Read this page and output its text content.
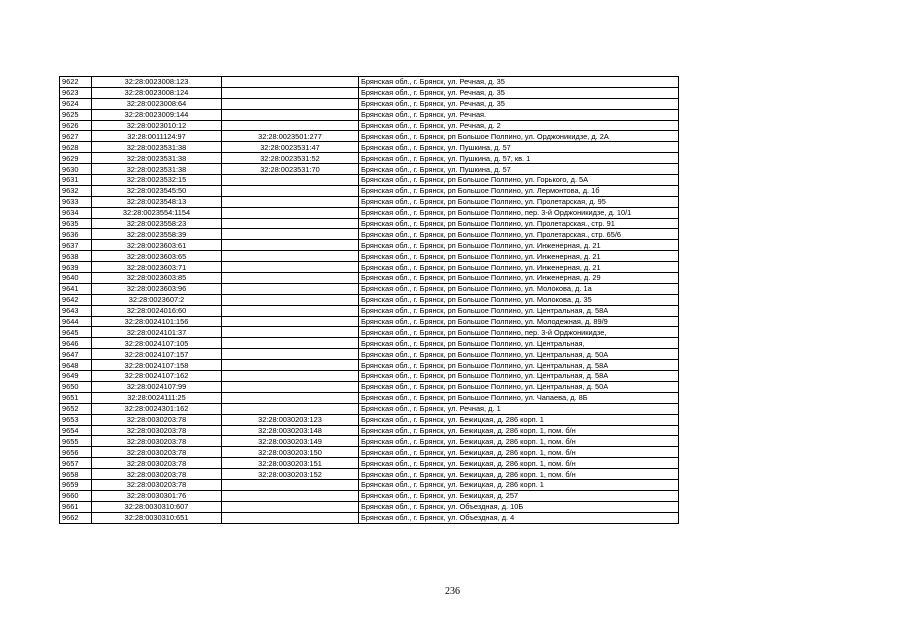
9622	32:28:0023008:123		Брянская обл., г. Брянск, ул. Речная, д. 35
9623	32:28:0023008:124		Брянская обл., г. Брянск, ул. Речная, д. 35
9624	32:28:0023008:64		Брянская обл., г. Брянск, ул. Речная, д. 35
9625	32:28:0023009:144		Брянская обл., г. Брянск, ул. Речная.
9626	32:28:0023010:12		Брянская обл., г. Брянск, ул. Речная, д. 2
9627	32:28:0011124:97	32:28:0023501:277	Брянская обл., г. Брянск, рп Большое Полпино, ул. Орджоникидзе, д. 2А
9628	32:28:0023531:38	32:28:0023531:47	Брянская обл., г. Брянск, ул. Пушкина, д. 57
9629	32:28:0023531:38	32:28:0023531:52	Брянская обл., г. Брянск, ул. Пушкина, д. 57, кв. 1
9630	32:28:0023531:38	32:28:0023531:70	Брянская обл., г. Брянск, ул. Пушкина, д. 57
9631	32:28:0023532:15		Брянская обл., г. Брянск, рп Большое Полпино, ул. Горького, д. 5А
9632	32:28:0023545:50		Брянская обл., г. Брянск, рп Большое Полпино, ул. Лермонтова, д. 1б
9633	32:28:0023548:13		Брянская обл., г. Брянск, рп Большое Полпино, ул. Пролетарская, д. 95
9634	32:28:0023554:1154		Брянская обл., г. Брянск, рп Большое Полпино, пер. 3-й Орджоникидзе, д. 10/1
9635	32:28:0023558:23		Брянская обл., г. Брянск, рп Большое Полпино, ул. Пролетарская., стр. 91
9636	32:28:0023558:39		Брянская обл., г. Брянск, рп Большое Полпино, ул. Пролетарская., стр. 65/6
9637	32:28:0023603:61		Брянская обл., г. Брянск, рп Большое Полпино, ул. Инженерная, д. 21
9638	32:28:0023603:65		Брянская обл., г. Брянск, рп Большое Полпино, ул. Инженерная, д. 21
9639	32:28:0023603:71		Брянская обл., г. Брянск, рп Большое Полпино, ул. Инженерная, д. 21
9640	32:28:0023603:85		Брянская обл., г. Брянск, рп Большое Полпино, ул. Инженерная, д. 29
9641	32:28:0023603:96		Брянская обл., г. Брянск, рп Большое Полпино, ул. Молокова, д. 1а
9642	32:28:0023607:2		Брянская обл., г. Брянск, рп Большое Полпино, ул. Молокова, д. 35
9643	32:28:0024016:60		Брянская обл., г. Брянск, рп Большое Полпино, ул. Центральная, д. 58А
9644	32:28:0024101:156		Брянская обл., г. Брянск, рп Большое Полпино, ул. Молодежная, д. 89/9
9645	32:28:0024101:37		Брянская обл., г. Брянск, рп Большое Полпино, пер. 3-й Орджоникидзе,
9646	32:28:0024107:105		Брянская обл., г. Брянск, рп Большое Полпино, ул. Центральная,
9647	32:28:0024107:157		Брянская обл., г. Брянск, рп Большое Полпино, ул. Центральная, д. 50А
9648	32:28:0024107:158		Брянская обл., г. Брянск, рп Большое Полпино, ул. Центральная, д. 58А
9649	32:28:0024107:162		Брянская обл., г. Брянск, рп Большое Полпино, ул. Центральная, д. 58А
9650	32:28:0024107:99		Брянская обл., г. Брянск, рп Большое Полпино, ул. Центральная, д. 50А
9651	32:28:0024111:25		Брянская обл., г. Брянск, рп Большое Полпино, ул. Чапаева, д. 8Б
9652	32:28:0024301:162		Брянская обл., г. Брянск, ул. Речная, д. 1
9653	32:28:0030203:78	32:28:0030203:123	Брянская обл., г. Брянск, ул. Бежицкая, д. 286 корп. 1
9654	32:28:0030203:78	32:28:0030203:148	Брянская обл., г. Брянск, ул. Бежицкая, д. 286 корп. 1, пом. б/н
9655	32:28:0030203:78	32:28:0030203:149	Брянская обл., г. Брянск, ул. Бежицкая, д. 286 корп. 1, пом. б/н
9656	32:28:0030203:78	32:28:0030203:150	Брянская обл., г. Брянск, ул. Бежицкая, д. 286 корп. 1, пом. б/н
9657	32:28:0030203:78	32:28:0030203:151	Брянская обл., г. Брянск, ул. Бежицкая, д. 286 корп. 1, пом. б/н
9658	32:28:0030203:78	32:28:0030203:152	Брянская обл., г. Брянск, ул. Бежицкая, д. 286 корп. 1, пом. б/н
9659	32:28:0030203:78		Брянская обл., г. Брянск, ул. Бежицкая, д. 286 корп. 1
9660	32:28:0030301:76		Брянская обл., г. Брянск, ул. Бежицкая, д. 257
9661	32:28:0030310:607		Брянская обл., г. Брянск, ул. Объездная, д. 10Б
9662	32:28:0030310:651		Брянская обл., г. Брянск, ул. Объездная, д. 4
236
